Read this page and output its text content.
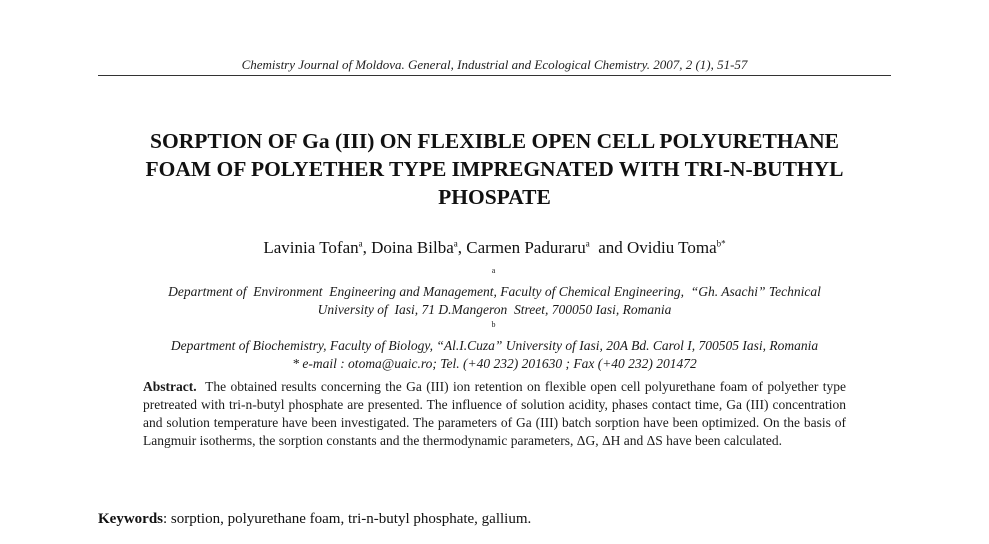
Chemistry Journal of Moldova. General, Industrial and Ecological Chemistry. 2007, 2 (1), 51-57
SORPTION OF Ga (III) ON FLEXIBLE OPEN CELL POLYURETHANE
FOAM OF POLYETHER TYPE IMPREGNATED WITH TRI-N-BUTHYL
PHOSPATE
Lavinia Tofan$^a$, Doina Bilba$^a$, Carmen Paduraru$^a$  and Ovidiu Toma$^{b*}$
$^a$
Department of  Environment  Engineering and Management, Faculty of Chemical Engineering,  “Gh. Asachi” Technical
University of  Iasi, 71 D.Mangeron  Street, 700050 Iasi, Romania
$^b$
Department of Biochemistry, Faculty of Biology, “Al.I.Cuza” University of Iasi, 20A Bd. Carol I, 700505 Iasi, Romania
* e-mail : otoma@uaic.ro; Tel. (+40 232) 201630 ; Fax (+40 232) 201472
Abstract. The obtained results concerning the Ga (III) ion retention on flexible open cell polyurethane foam of polyether type pretreated with tri-n-butyl phosphate are presented. The influence of solution acidity, phases contact time, Ga (III) concentration and solution temperature have been investigated. The parameters of Ga (III) batch sorption have been optimized. On the basis of Langmuir isotherms, the sorption constants and the thermodynamic parameters, ΔG, ΔH and ΔS have been calculated.
Keywords: sorption, polyurethane foam, tri-n-butyl phosphate, gallium.
